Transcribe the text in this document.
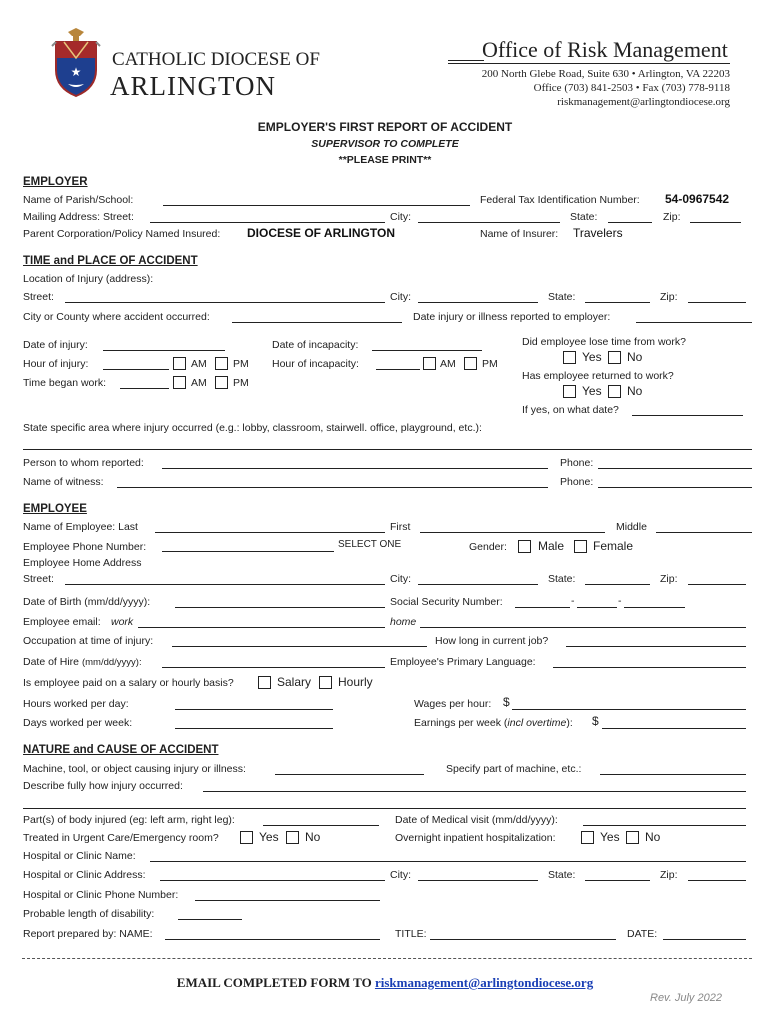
★
CATHOLIC DIOCESE OF
ARLINGTON
Office of Risk Management
200 North Glebe Road, Suite 630 • Arlington, VA 22203
Office (703) 841-2503 • Fax (703) 778-9118
riskmanagement@arlingtondiocese.org
EMPLOYER'S FIRST REPORT OF ACCIDENT
SUPERVISOR TO COMPLETE
**PLEASE PRINT**
EMPLOYER
Name of Parish/School:	Federal Tax Identification Number: 54-0967542
Mailing Address: Street:	City:	State:	Zip:
Parent Corporation/Policy Named Insured: DIOCESE OF ARLINGTON	Name of Insurer: Travelers
TIME and PLACE OF ACCIDENT
Location of Injury (address):
Street:	City:	State:	Zip:
City or County where accident occurred:	Date injury or illness reported to employer:
Date of injury:	Date of incapacity:	Did employee lose time from work?
Yes No
Hour of injury:	AM	PM Hour of incapacity:	AM	PM
Has employee returned to work?
Time began work:	AM	PM
Yes No
If yes, on what date?
State specific area where injury occurred (e.g.: lobby, classroom, stairwell. office, playground, etc.):
Person to whom reported:	Phone:
Name of witness:	Phone:
EMPLOYEE
Name of Employee: Last	First	Middle
Employee Phone Number:	SELECT ONE	Gender:	Male Female
Employee Home Address
Street:	City:	State:	Zip:
Date of Birth (mm/dd/yyyy):	Social Security Number:	-	-
Employee email: work	home
Occupation at time of injury:	How long in current job?
Date of Hire (mm/dd/yyyy):	Employee's Primary Language:
Is employee paid on a salary or hourly basis?	Salary Hourly
Hours worked per day:	Wages per hour: $
Days worked per week:	Earnings per week (incl overtime): $
NATURE and CAUSE OF ACCIDENT
Machine, tool, or object causing injury or illness:	Specify part of machine, etc.:
Describe fully how injury occurred:
Part(s) of body injured (eg: left arm, right leg):	Date of Medical visit (mm/dd/yyyy):
Treated in Urgent Care/Emergency room?	Yes No	Overnight inpatient hospitalization:	Yes No
Hospital or Clinic Name:
Hospital or Clinic Address:	City:	State:	Zip:
Hospital or Clinic Phone Number:
Probable length of disability:
Report prepared by: NAME:	TITLE:	DATE:
EMAIL COMPLETED FORM TO riskmanagement@arlingtondiocese.org
Rev. July 2022
